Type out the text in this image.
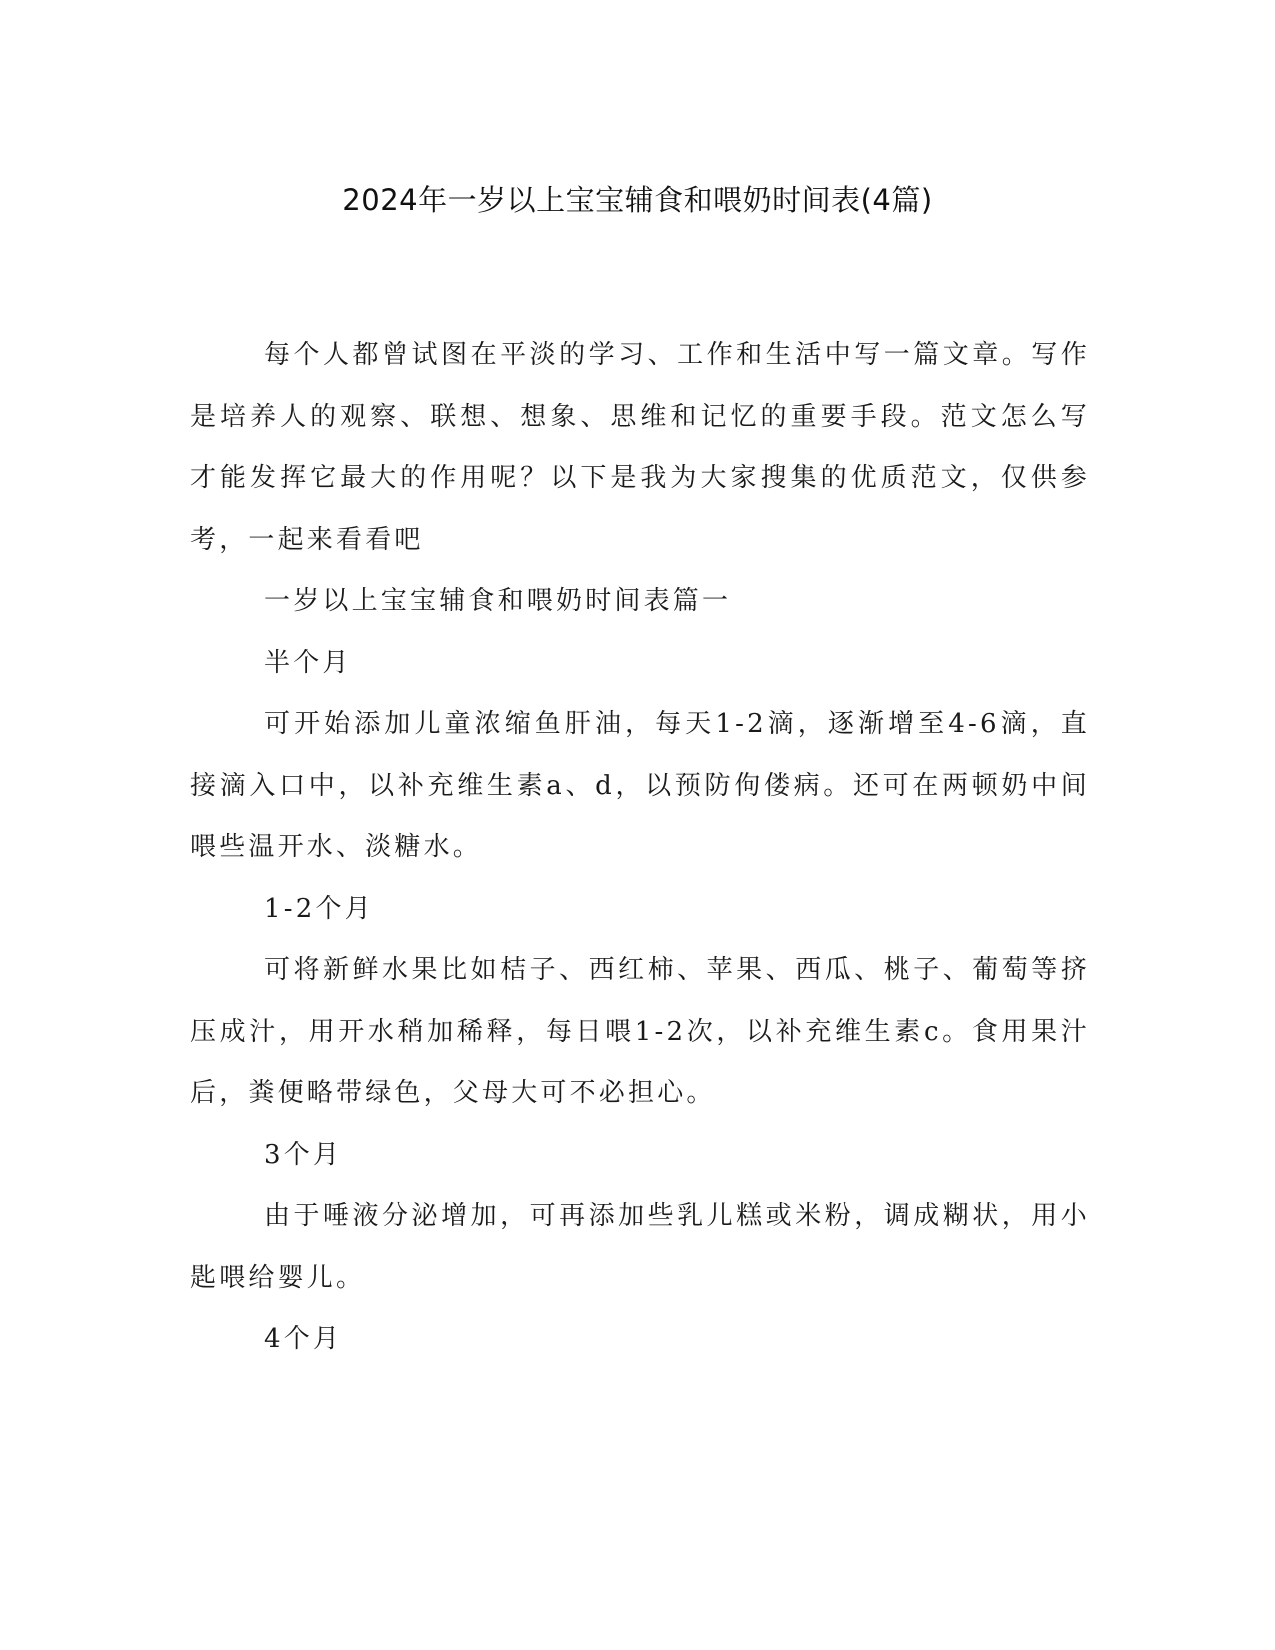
2024年一岁以上宝宝辅食和喂奶时间表(4篇)

每个人都曾试图在平淡的学习、工作和生活中写一篇文章。写作是培养人的观察、联想、想象、思维和记忆的重要手段。范文怎么写才能发挥它最大的作用呢？以下是我为大家搜集的优质范文，仅供参考，一起来看看吧

一岁以上宝宝辅食和喂奶时间表篇一

半个月

可开始添加儿童浓缩鱼肝油，每天1-2滴，逐渐增至4-6滴，直接滴入口中，以补充维生素a、d，以预防佝偻病。还可在两顿奶中间喂些温开水、淡糖水。

1-2个月

可将新鲜水果比如桔子、西红柿、苹果、西瓜、桃子、葡萄等挤压成汁，用开水稍加稀释，每日喂1-2次，以补充维生素c。食用果汁后，粪便略带绿色，父母大可不必担心。

3个月

由于唾液分泌增加，可再添加些乳儿糕或米粉，调成糊状，用小匙喂给婴儿。

4个月
